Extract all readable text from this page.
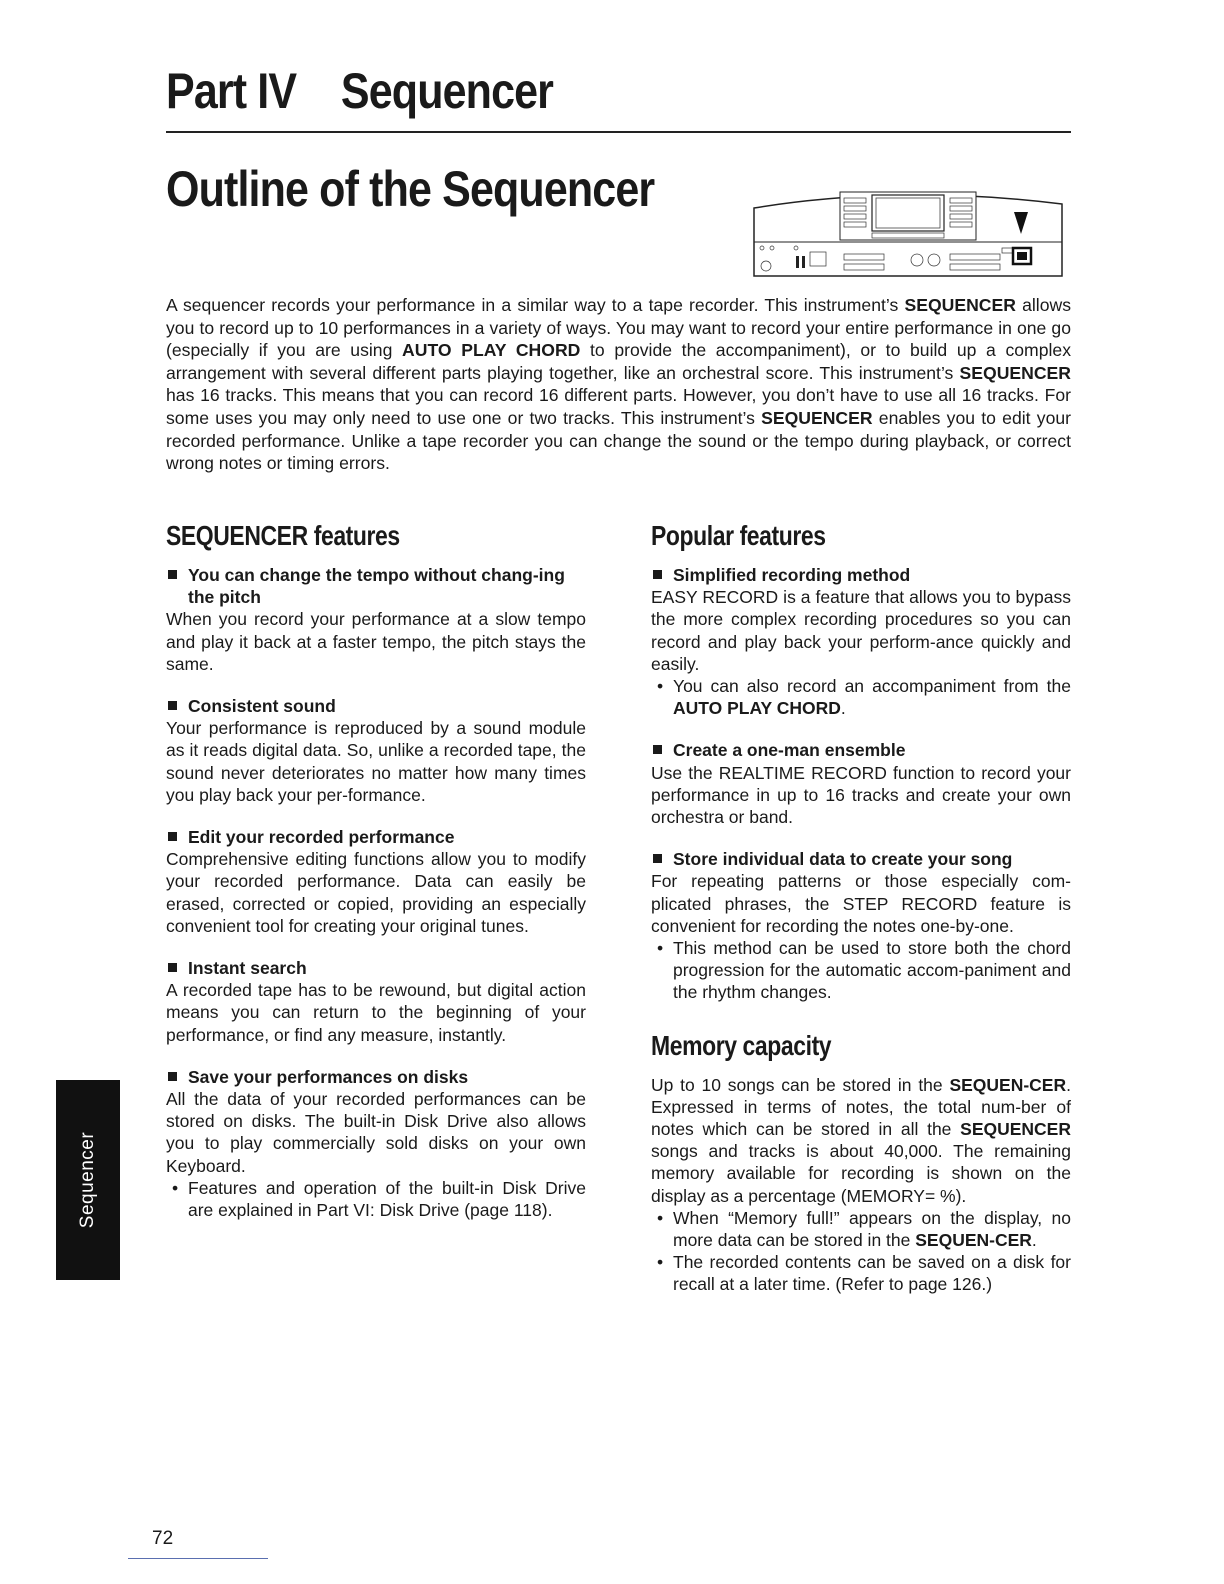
Part IV Sequencer
Outline of the Sequencer
A sequencer records your performance in a similar way to a tape recorder. This instrument’s SEQUENCER allows you to record up to 10 performances in a variety of ways. You may want to record your entire performance in one go (especially if you are using AUTO PLAY CHORD to provide the accompaniment), or to build up a complex arrangement with several different parts playing together, like an orchestral score. This instrument’s SEQUENCER has 16 tracks. This means that you can record 16 different parts. However, you don’t have to use all 16 tracks. For some uses you may only need to use one or two tracks. This instrument’s SEQUENCER enables you to edit your recorded performance. Unlike a tape recorder you can change the sound or the tempo during playback, or correct wrong notes or timing errors.
SEQUENCER features
You can change the tempo without chang-ing the pitch
When you record your performance at a slow tempo and play it back at a faster tempo, the pitch stays the same.
Consistent sound
Your performance is reproduced by a sound module as it reads digital data. So, unlike a recorded tape, the sound never deteriorates no matter how many times you play back your per-formance.
Edit your recorded performance
Comprehensive editing functions allow you to modify your recorded performance. Data can easily be erased, corrected or copied, providing an especially convenient tool for creating your original tunes.
Instant search
A recorded tape has to be rewound, but digital action means you can return to the beginning of your performance, or find any measure, instantly.
Save your performances on disks
All the data of your recorded performances can be stored on disks. The built-in Disk Drive also allows you to play commercially sold disks on your own Keyboard.
• Features and operation of the built-in Disk Drive are explained in Part VI: Disk Drive (page 118).
Popular features
Simplified recording method
EASY RECORD is a feature that allows you to bypass the more complex recording procedures so you can record and play back your perform-ance quickly and easily.
• You can also record an accompaniment from the AUTO PLAY CHORD.
Create a one-man ensemble
Use the REALTIME RECORD function to record your performance in up to 16 tracks and create your own orchestra or band.
Store individual data to create your song
For repeating patterns or those especially com-plicated phrases, the STEP RECORD feature is convenient for recording the notes one-by-one.
• This method can be used to store both the chord progression for the automatic accom-paniment and the rhythm changes.
Memory capacity
Up to 10 songs can be stored in the SEQUEN-CER. Expressed in terms of notes, the total num-ber of notes which can be stored in all the SEQUENCER songs and tracks is about 40,000. The remaining memory available for recording is shown on the display as a percentage (MEMORY= %).
• When “Memory full!” appears on the display, no more data can be stored in the SEQUEN-CER.
• The recorded contents can be saved on a disk for recall at a later time. (Refer to page 126.)
Sequencer
72
